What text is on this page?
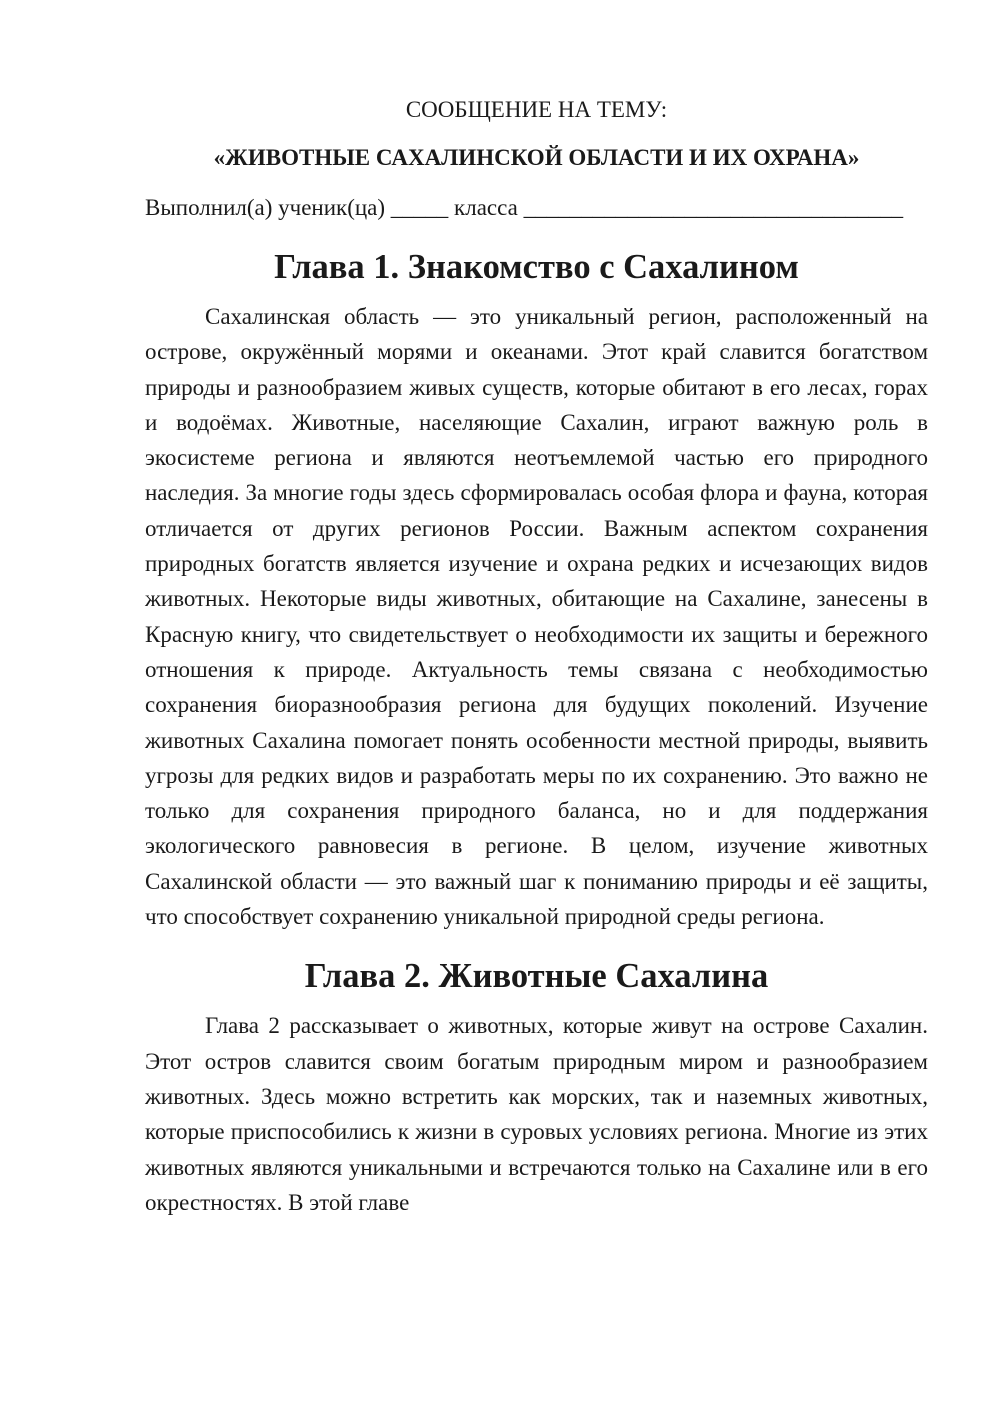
СООБЩЕНИЕ НА ТЕМУ:

«ЖИВОТНЫЕ САХАЛИНСКОЙ ОБЛАСТИ И ИХ ОХРАНА»

Выполнил(а) ученик(ца) _____ класса _________________________________

Глава 1. Знакомство с Сахалином

Сахалинская область — это уникальный регион, расположенный на острове, окружённый морями и океанами. Этот край славится богатством природы и разнообразием живых существ, которые обитают в его лесах, горах и водоёмах. Животные, населяющие Сахалин, играют важную роль в экосистеме региона и являются неотъемлемой частью его природного наследия. За многие годы здесь сформировалась особая флора и фауна, которая отличается от других регионов России. Важным аспектом сохранения природных богатств является изучение и охрана редких и исчезающих видов животных. Некоторые виды животных, обитающие на Сахалине, занесены в Красную книгу, что свидетельствует о необходимости их защиты и бережного отношения к природе. Актуальность темы связана с необходимостью сохранения биоразнообразия региона для будущих поколений. Изучение животных Сахалина помогает понять особенности местной природы, выявить угрозы для редких видов и разработать меры по их сохранению. Это важно не только для сохранения природного баланса, но и для поддержания экологического равновесия в регионе. В целом, изучение животных Сахалинской области — это важный шаг к пониманию природы и её защиты, что способствует сохранению уникальной природной среды региона.

Глава 2. Животные Сахалина

Глава 2 рассказывает о животных, которые живут на острове Сахалин. Этот остров славится своим богатым природным миром и разнообразием животных. Здесь можно встретить как морских, так и наземных животных, которые приспособились к жизни в суровых условиях региона. Многие из этих животных являются уникальными и встречаются только на Сахалине или в его окрестностях. В этой главе
